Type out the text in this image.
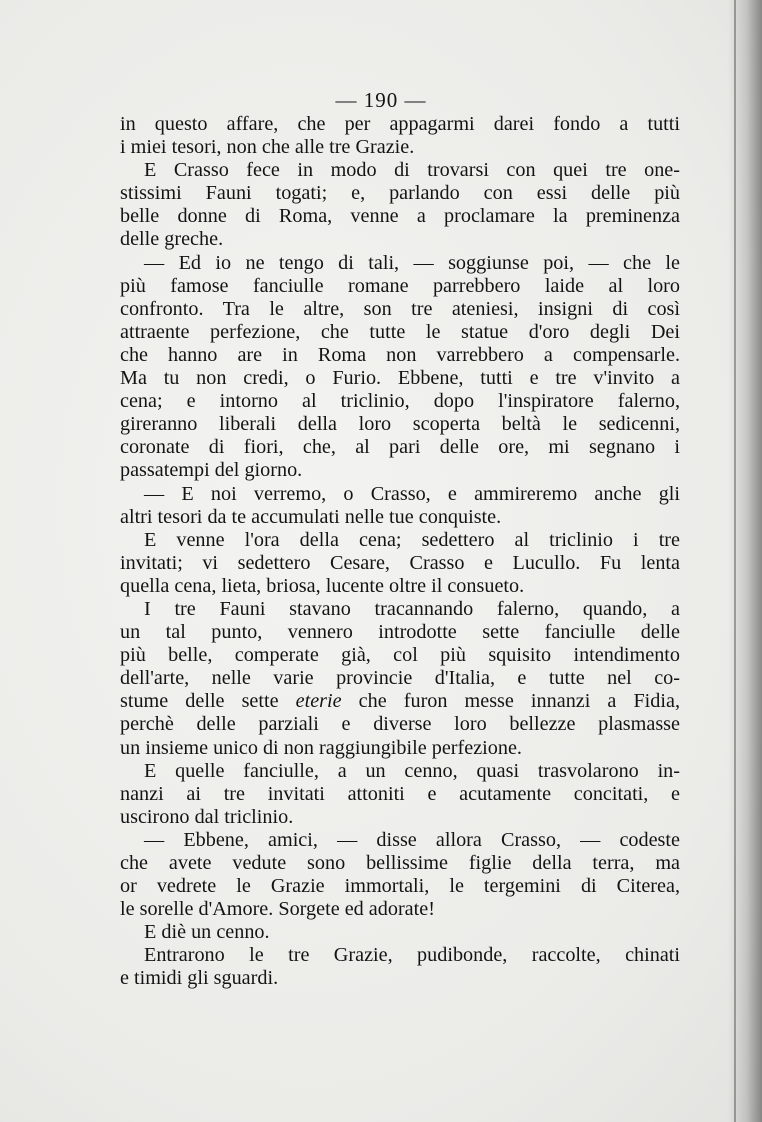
— 190 —
in questo affare, che per appagarmi darei fondo a tutti
i miei tesori, non che alle tre Grazie.
E Crasso fece in modo di trovarsi con quei tre one-
stissimi Fauni togati; e, parlando con essi delle più
belle donne di Roma, venne a proclamare la preminenza
delle greche.
— Ed io ne tengo di tali, — soggiunse poi, — che le
più famose fanciulle romane parrebbero laide al loro
confronto. Tra le altre, son tre ateniesi, insigni di così
attraente perfezione, che tutte le statue d'oro degli Dei
che hanno are in Roma non varrebbero a compensarle.
Ma tu non credi, o Furio. Ebbene, tutti e tre v'invito a
cena; e intorno al triclinio, dopo l'inspiratore falerno,
gireranno liberali della loro scoperta beltà le sedicenni,
coronate di fiori, che, al pari delle ore, mi segnano i
passatempi del giorno.
— E noi verremo, o Crasso, e ammireremo anche gli
altri tesori da te accumulati nelle tue conquiste.
E venne l'ora della cena; sedettero al triclinio i tre
invitati; vi sedettero Cesare, Crasso e Lucullo. Fu lenta
quella cena, lieta, briosa, lucente oltre il consueto.
I tre Fauni stavano tracannando falerno, quando, a
un tal punto, vennero introdotte sette fanciulle delle
più belle, comperate già, col più squisito intendimento
dell'arte, nelle varie provincie d'Italia, e tutte nel co-
stume delle sette eterie che furon messe innanzi a Fidia,
perchè delle parziali e diverse loro bellezze plasmasse
un insieme unico di non raggiungibile perfezione.
E quelle fanciulle, a un cenno, quasi trasvolarono in-
nanzi ai tre invitati attoniti e acutamente concitati, e
uscirono dal triclinio.
— Ebbene, amici, — disse allora Crasso, — codeste
che avete vedute sono bellissime figlie della terra, ma
or vedrete le Grazie immortali, le tergemini di Citerea,
le sorelle d'Amore. Sorgete ed adorate!
E diè un cenno.
Entrarono le tre Grazie, pudibonde, raccolte, chinati
e timidi gli sguardi.
